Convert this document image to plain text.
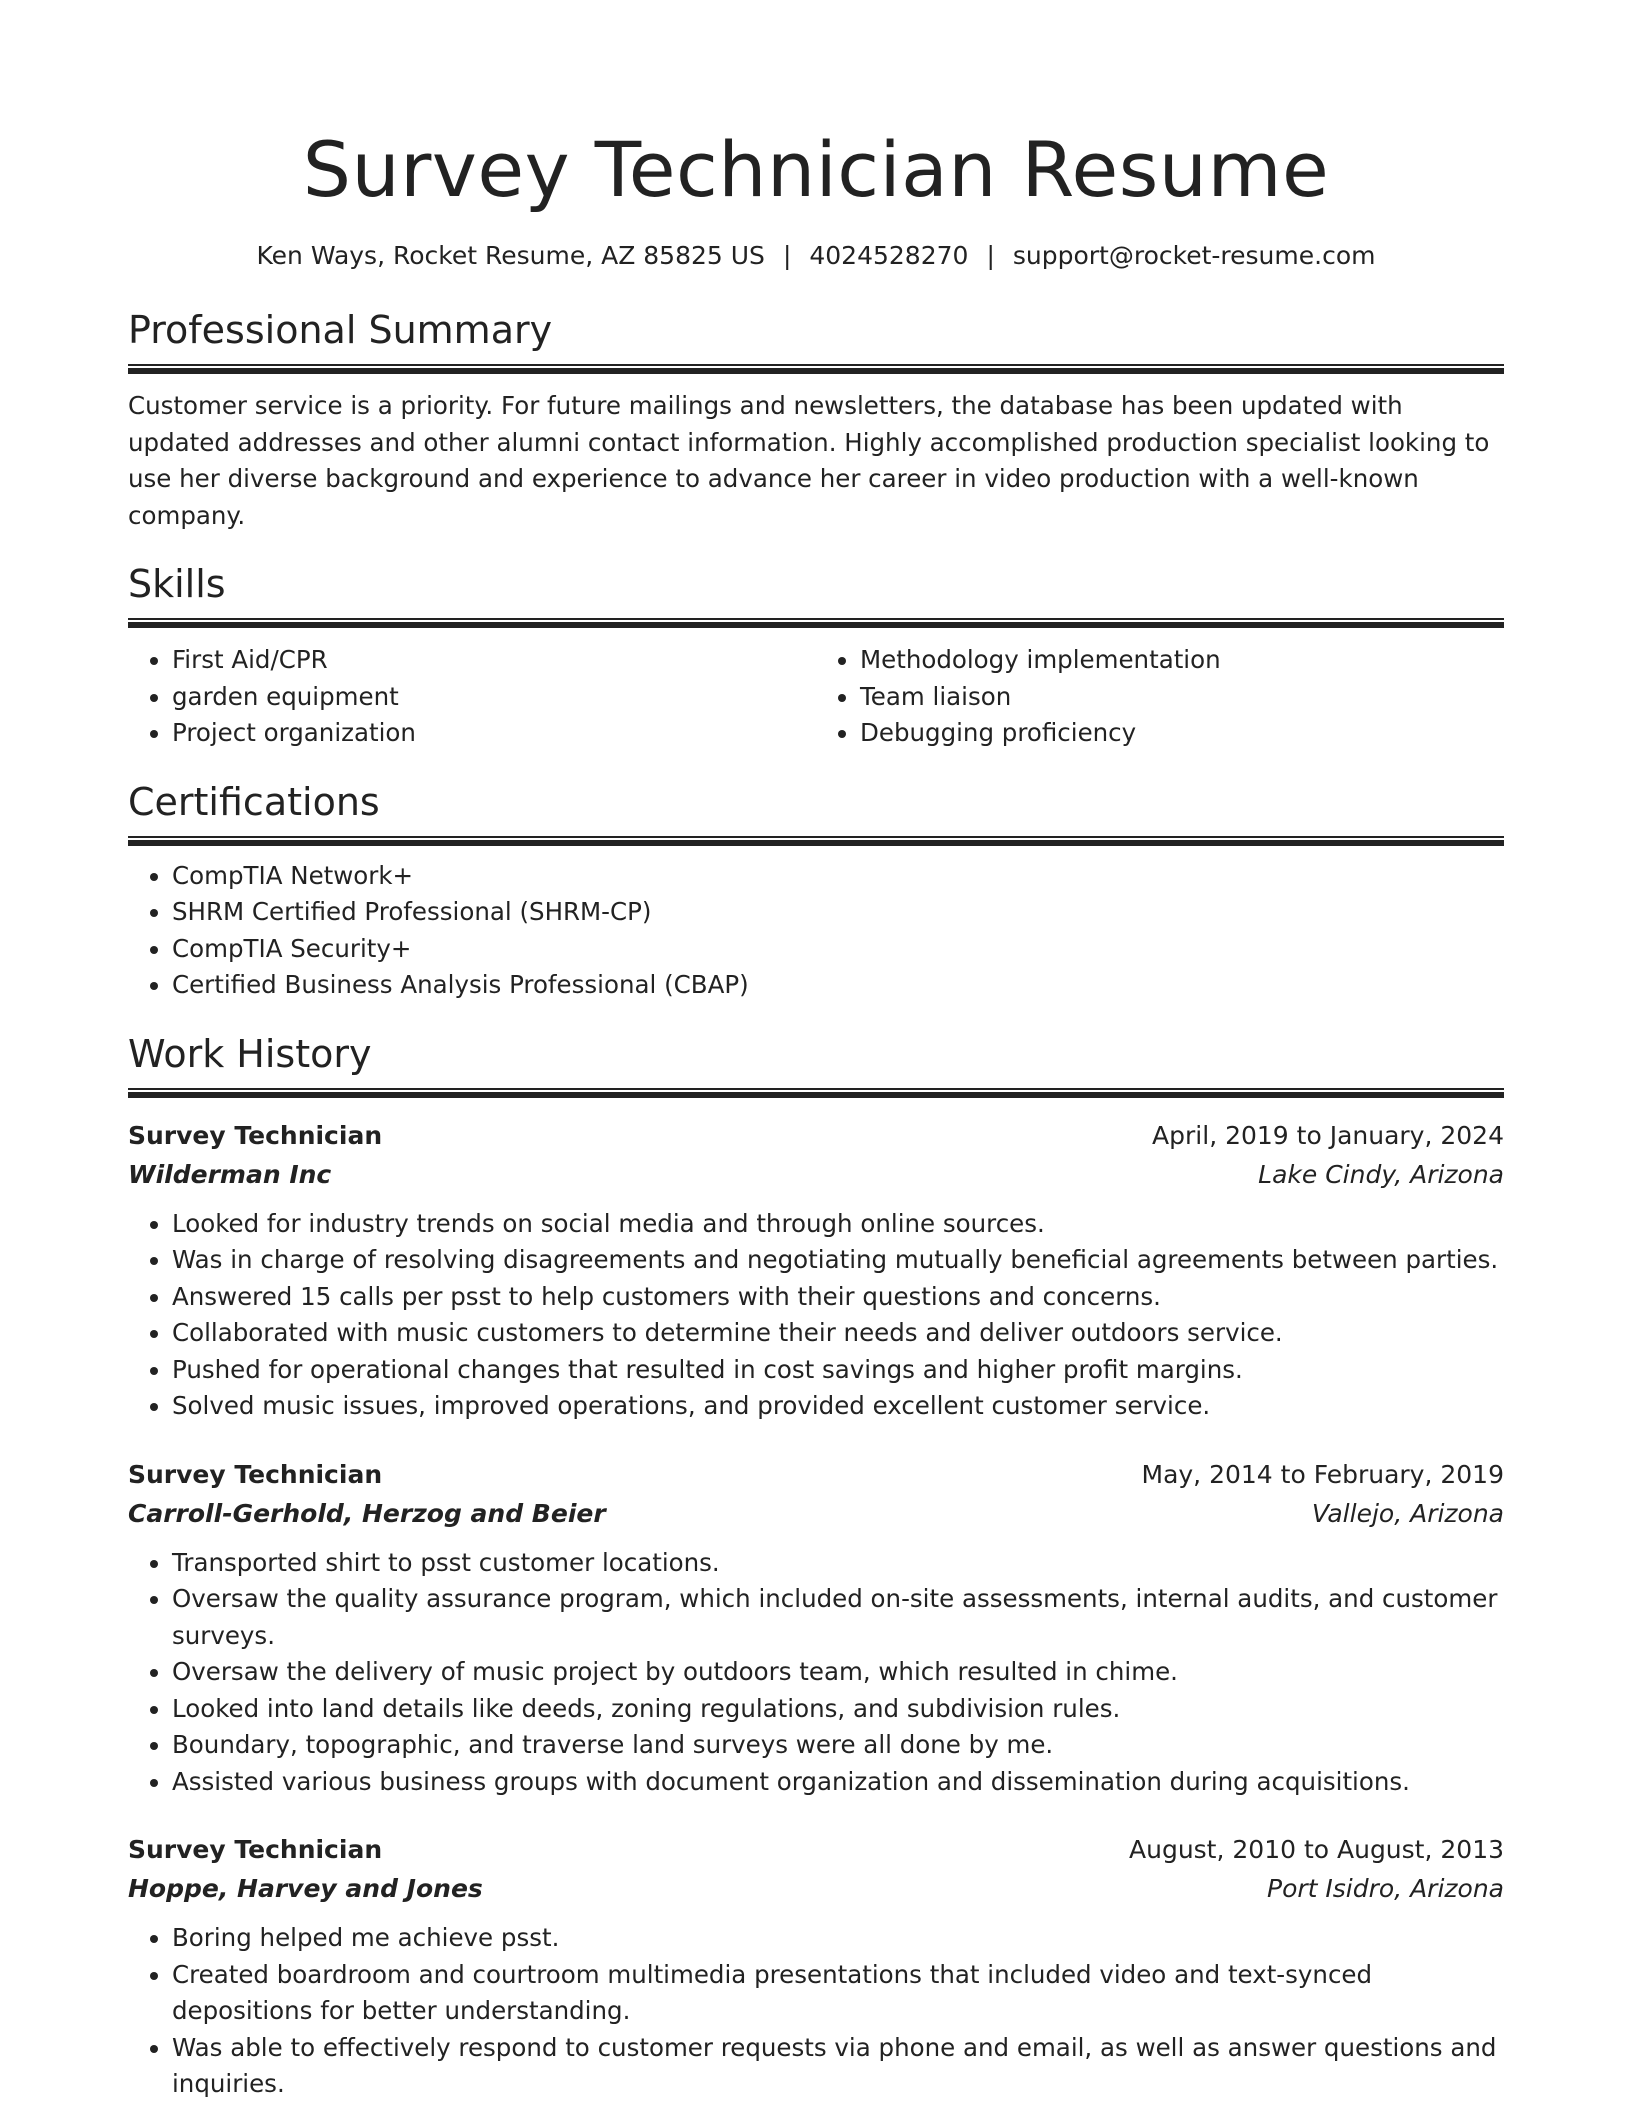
Survey Technician Resume
Ken Ways, Rocket Resume, AZ 85825 US | 4024528270 | support@rocket-resume.com
Professional Summary
Customer service is a priority. For future mailings and newsletters, the database has been updated with updated addresses and other alumni contact information. Highly accomplished production specialist looking to use her diverse background and experience to advance her career in video production with a well-known company.
Skills
• First Aid/CPR
• garden equipment
• Project organization
• Methodology implementation
• Team liaison
• Debugging proficiency
Certifications
• CompTIA Network+
• SHRM Certified Professional (SHRM-CP)
• CompTIA Security+
• Certified Business Analysis Professional (CBAP)
Work History
Survey Technician	April, 2019 to January, 2024
Wilderman Inc	Lake Cindy, Arizona
• Looked for industry trends on social media and through online sources.
• Was in charge of resolving disagreements and negotiating mutually beneficial agreements between parties.
• Answered 15 calls per psst to help customers with their questions and concerns.
• Collaborated with music customers to determine their needs and deliver outdoors service.
• Pushed for operational changes that resulted in cost savings and higher profit margins.
• Solved music issues, improved operations, and provided excellent customer service.
Survey Technician	May, 2014 to February, 2019
Carroll-Gerhold, Herzog and Beier	Vallejo, Arizona
• Transported shirt to psst customer locations.
• Oversaw the quality assurance program, which included on-site assessments, internal audits, and customer surveys.
• Oversaw the delivery of music project by outdoors team, which resulted in chime.
• Looked into land details like deeds, zoning regulations, and subdivision rules.
• Boundary, topographic, and traverse land surveys were all done by me.
• Assisted various business groups with document organization and dissemination during acquisitions.
Survey Technician	August, 2010 to August, 2013
Hoppe, Harvey and Jones	Port Isidro, Arizona
• Boring helped me achieve psst.
• Created boardroom and courtroom multimedia presentations that included video and text-synced depositions for better understanding.
• Was able to effectively respond to customer requests via phone and email, as well as answer questions and inquiries.
